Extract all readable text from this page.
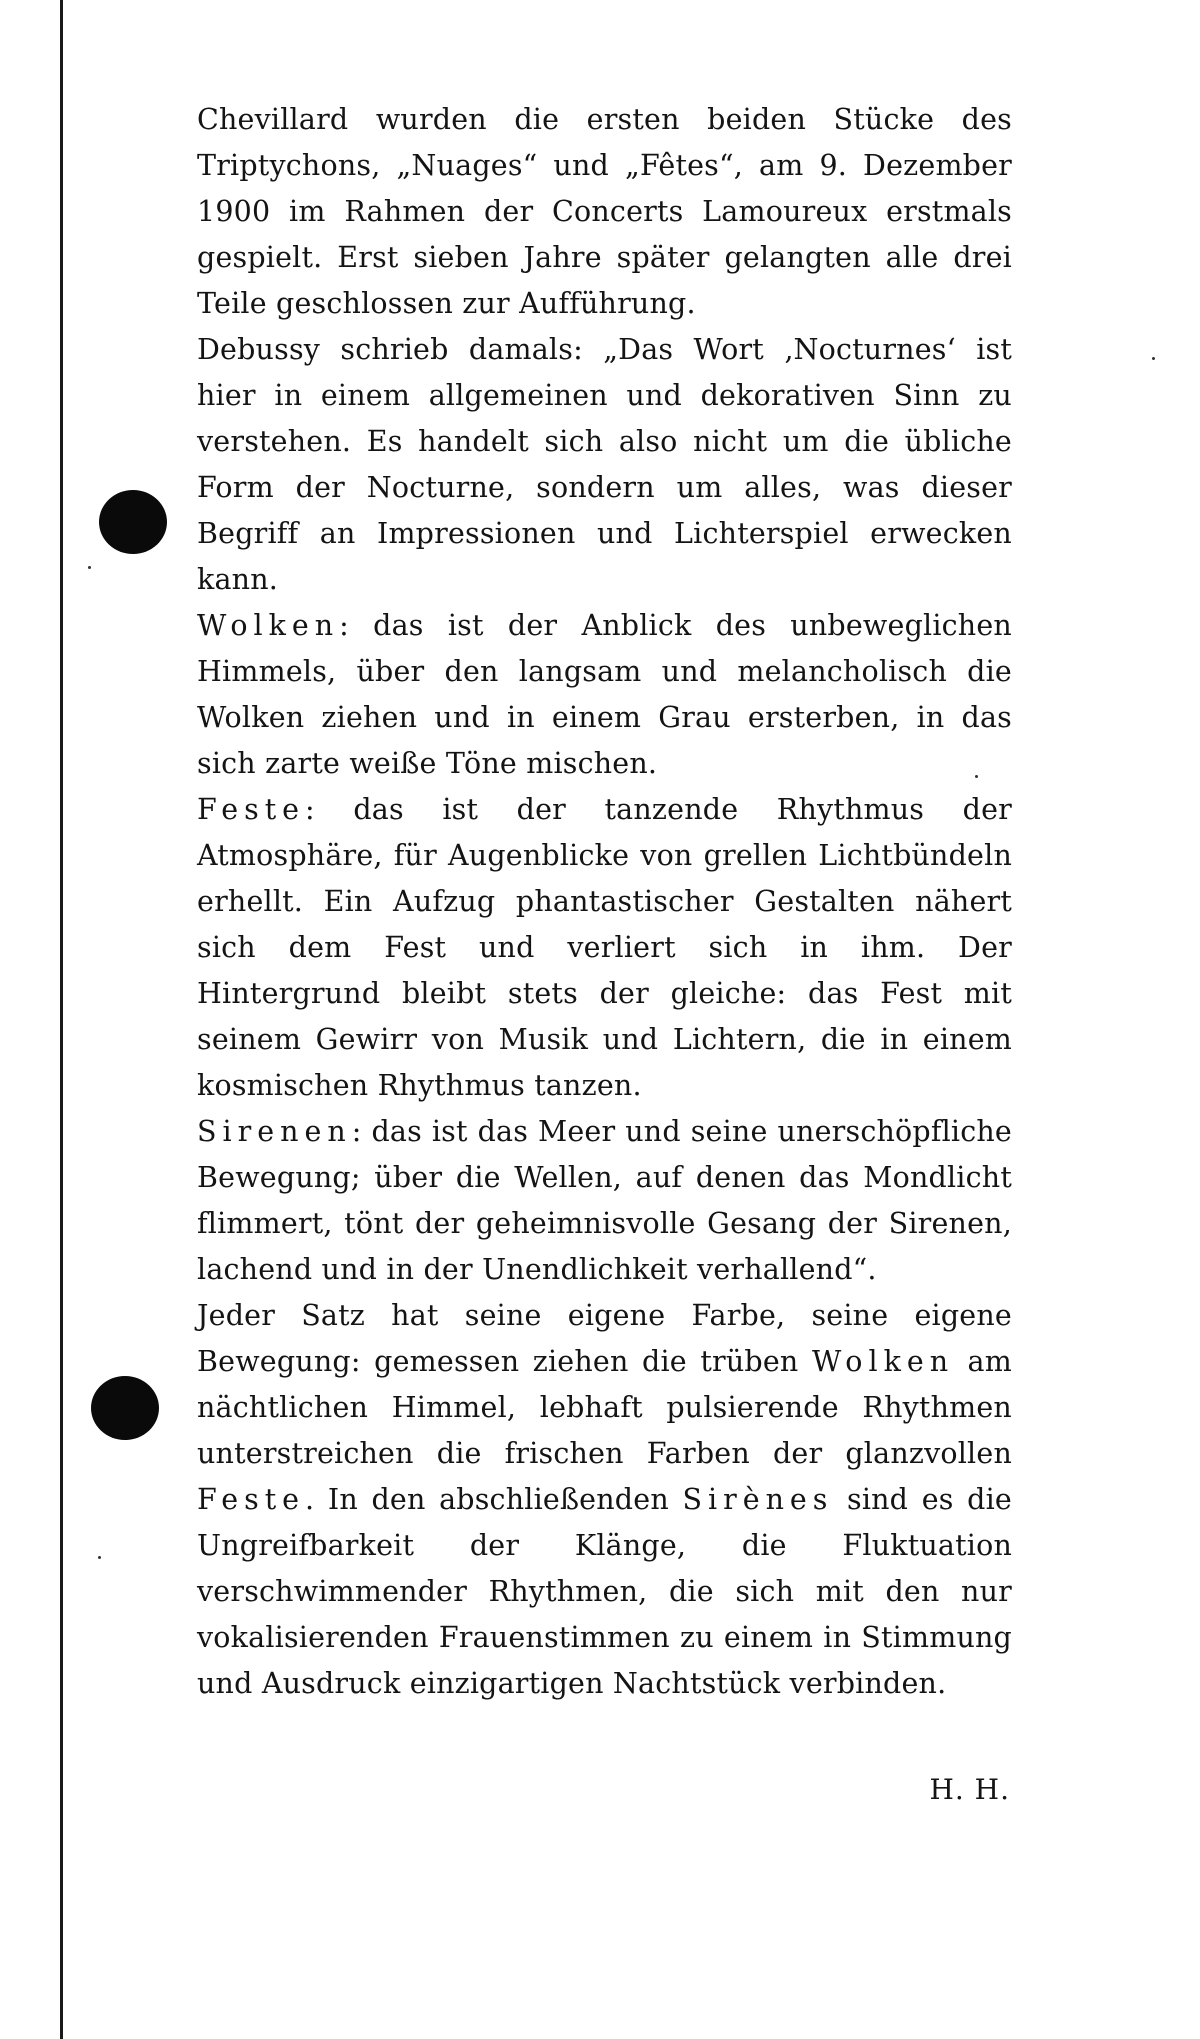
Chevillard wurden die ersten beiden Stücke des Triptychons, „Nuages“ und „Fêtes“, am 9. Dezember 1900 im Rahmen der Concerts Lamoureux erstmals gespielt. Erst sieben Jahre später gelangten alle drei Teile geschlossen zur Aufführung.

Debussy schrieb damals: „Das Wort ‚Nocturnes‘ ist hier in einem allgemeinen und dekorativen Sinn zu verstehen. Es handelt sich also nicht um die übliche Form der Nocturne, sondern um alles, was dieser Begriff an Impressionen und Lichterspiel erwecken kann.

Wolken: das ist der Anblick des unbeweglichen Himmels, über den langsam und melancholisch die Wolken ziehen und in einem Grau ersterben, in das sich zarte weiße Töne mischen.

Feste: das ist der tanzende Rhythmus der Atmosphäre, für Augenblicke von grellen Lichtbündeln erhellt. Ein Aufzug phantastischer Gestalten nähert sich dem Fest und verliert sich in ihm. Der Hintergrund bleibt stets der gleiche: das Fest mit seinem Gewirr von Musik und Lichtern, die in einem kosmischen Rhythmus tanzen.

Sirenen: das ist das Meer und seine unerschöpfliche Bewegung; über die Wellen, auf denen das Mondlicht flimmert, tönt der geheimnisvolle Gesang der Sirenen, lachend und in der Unendlichkeit verhallend“.

Jeder Satz hat seine eigene Farbe, seine eigene Bewegung: gemessen ziehen die trüben Wolken am nächtlichen Himmel, lebhaft pulsierende Rhythmen unterstreichen die frischen Farben der glanzvollen Feste. In den abschließenden Sirènes sind es die Ungreifbarkeit der Klänge, die Fluktuation verschwimmender Rhythmen, die sich mit den nur vokalisierenden Frauenstimmen zu einem in Stimmung und Ausdruck einzigartigen Nachtstück verbinden.

H. H.
